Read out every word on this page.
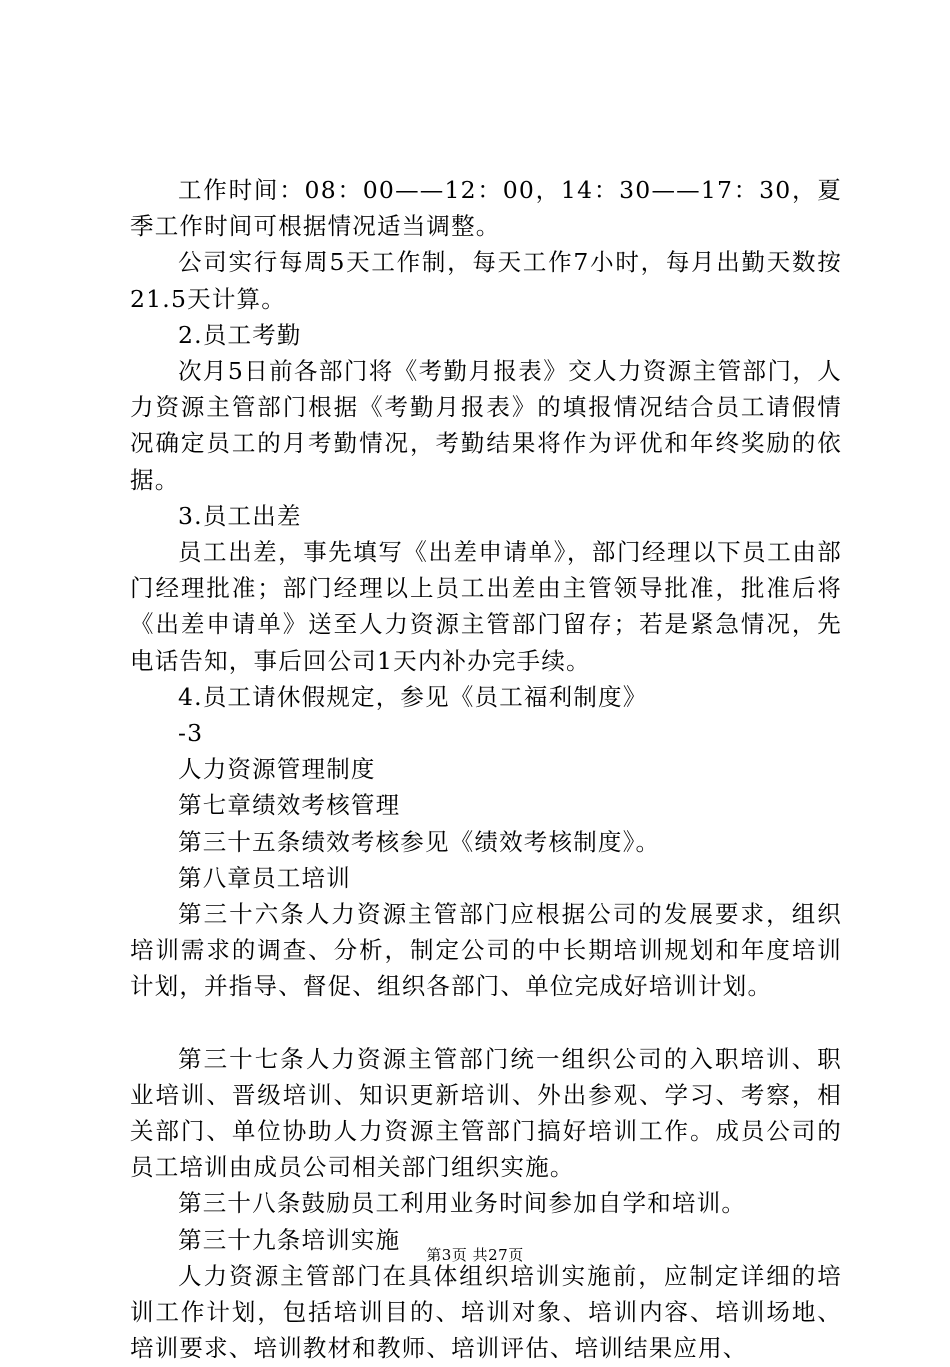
工作时间：08：00——12：00，14：30——17：30，夏季工作时间可根据情况适当调整。

公司实行每周5天工作制，每天工作7小时，每月出勤天数按21.5天计算。

2.员工考勤

次月5日前各部门将《考勤月报表》交人力资源主管部门，人力资源主管部门根据《考勤月报表》的填报情况结合员工请假情况确定员工的月考勤情况，考勤结果将作为评优和年终奖励的依据。

3.员工出差

员工出差，事先填写《出差申请单》，部门经理以下员工由部门经理批准；部门经理以上员工出差由主管领导批准，批准后将《出差申请单》送至人力资源主管部门留存；若是紧急情况，先电话告知，事后回公司1天内补办完手续。

4.员工请休假规定，参见《员工福利制度》

-3

人力资源管理制度

第七章绩效考核管理

第三十五条绩效考核参见《绩效考核制度》。

第八章员工培训

第三十六条人力资源主管部门应根据公司的发展要求，组织培训需求的调查、分析，制定公司的中长期培训规划和年度培训计划，并指导、督促、组织各部门、单位完成好培训计划。

第三十七条人力资源主管部门统一组织公司的入职培训、职业培训、晋级培训、知识更新培训、外出参观、学习、考察，相关部门、单位协助人力资源主管部门搞好培训工作。成员公司的员工培训由成员公司相关部门组织实施。

第三十八条鼓励员工利用业务时间参加自学和培训。

第三十九条培训实施

人力资源主管部门在具体组织培训实施前，应制定详细的培训工作计划，包括培训目的、培训对象、培训内容、培训场地、培训要求、培训教材和教师、培训评估、培训结果应用、

第3页 共27页
